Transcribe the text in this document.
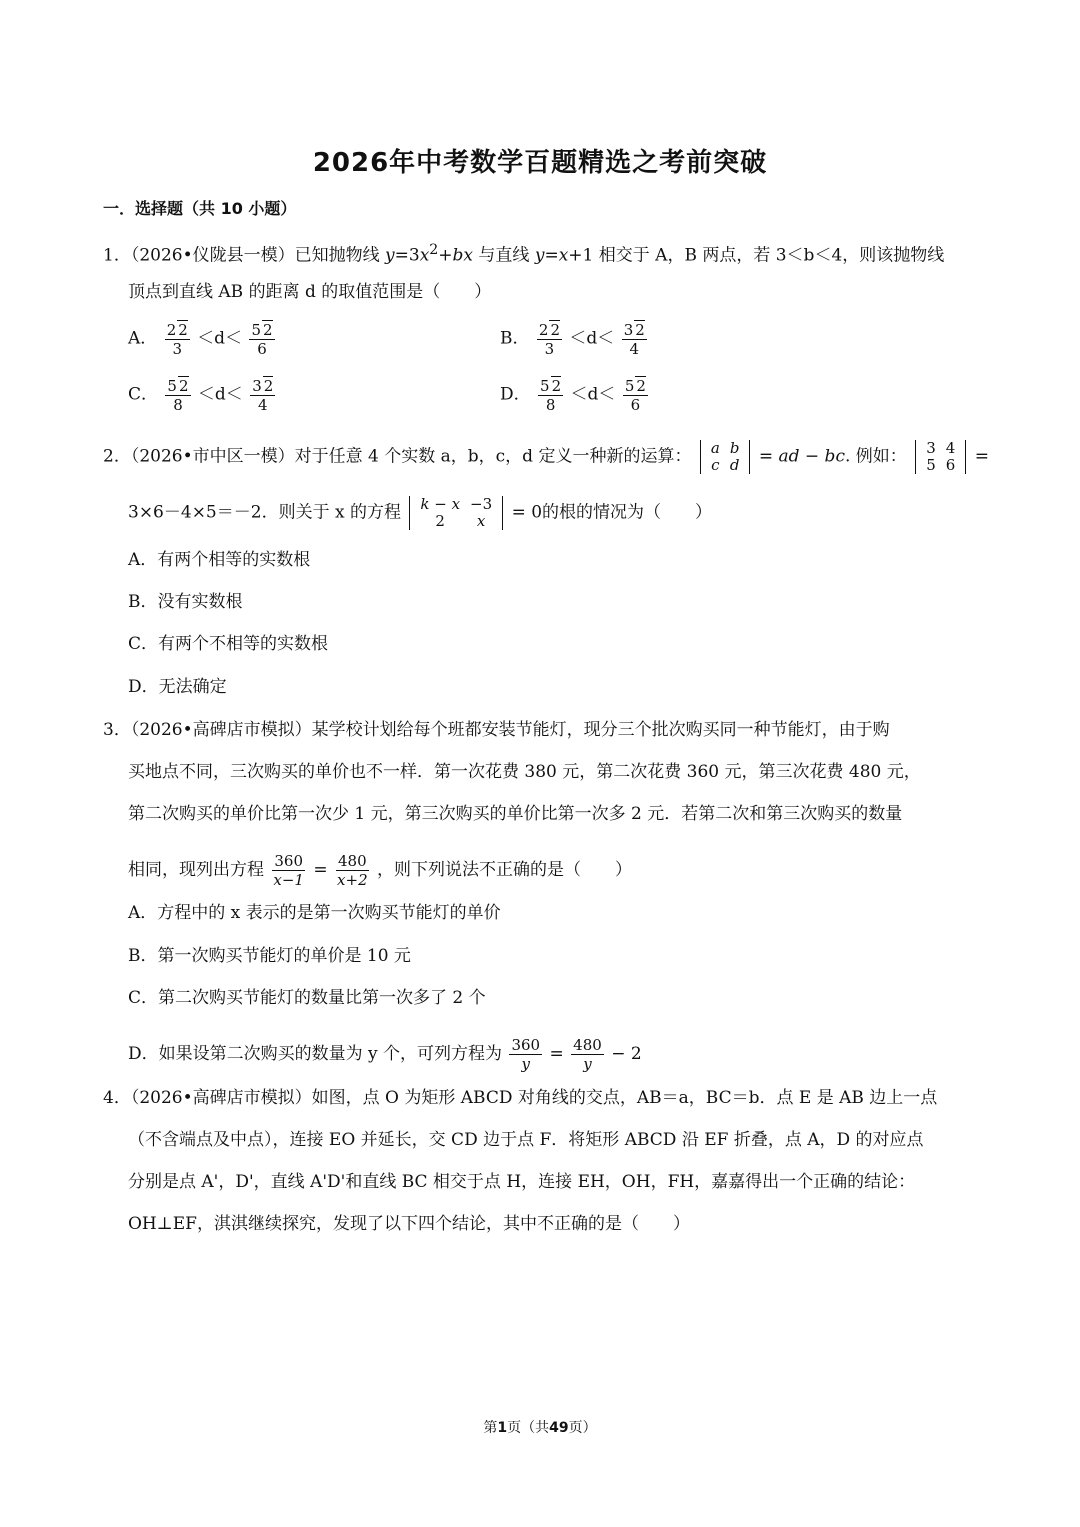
2026年中考数学百题精选之考前突破
一．选择题（共 10 小题）
1．（2026•仪陇县一模）已知抛物线 $y=3x^2+bx$ 与直线 y=x+1 相交于 A，B 两点，若 3＜b＜4，则该抛物线
顶点到直线 AB 的距离 d 的取值范围是（　　）
A． $\frac{2 2}{3} <d< \frac{5 2}{6}$	B． $\frac{2 2}{3} <d< \frac{3 2}{4}$
C． $\frac{5 2}{8} <d< \frac{3 2}{4}$	D． $\frac{5 2}{8} <d< \frac{5 2}{6}$
2．（2026•市中区一模）对于任意 4 个实数 a，b，c，d 定义一种新的运算： a	b
c	d = ad − bc. 例如： 3	4
5	6 =
3×6－4×5＝－2．则关于 x 的方程 k − x	−3
2	x = 0的根的情况为（　　）
A．有两个相等的实数根
B．没有实数根
C．有两个不相等的实数根
D．无法确定
3．（2026•高碑店市模拟）某学校计划给每个班都安装节能灯，现分三个批次购买同一种节能灯，由于购
买地点不同，三次购买的单价也不一样．第一次花费 380 元，第二次花费 360 元，第三次花费 480 元，
第二次购买的单价比第一次少 1 元，第三次购买的单价比第一次多 2 元．若第二次和第三次购买的数量
相同，现列出方程 $\frac{360}{x-1} = \frac{480}{x+2}$ ，则下列说法不正确的是（　　）
A．方程中的 x 表示的是第一次购买节能灯的单价
B．第一次购买节能灯的单价是 10 元
C．第二次购买节能灯的数量比第一次多了 2 个
D．如果设第二次购买的数量为 y 个，可列方程为 $\frac{360}{y} = \frac{480}{y} - 2$
4．（2026•高碑店市模拟）如图，点 O 为矩形 ABCD 对角线的交点，AB＝a，BC＝b．点 E 是 AB 边上一点
（不含端点及中点），连接 EO 并延长，交 CD 边于点 F．将矩形 ABCD 沿 EF 折叠，点 A，D 的对应点
分别是点 A'，D'，直线 A'D'和直线 BC 相交于点 H，连接 EH，OH，FH，嘉嘉得出一个正确的结论：
OH⊥EF，淇淇继续探究，发现了以下四个结论，其中不正确的是（　　）
第1页（共49页）
